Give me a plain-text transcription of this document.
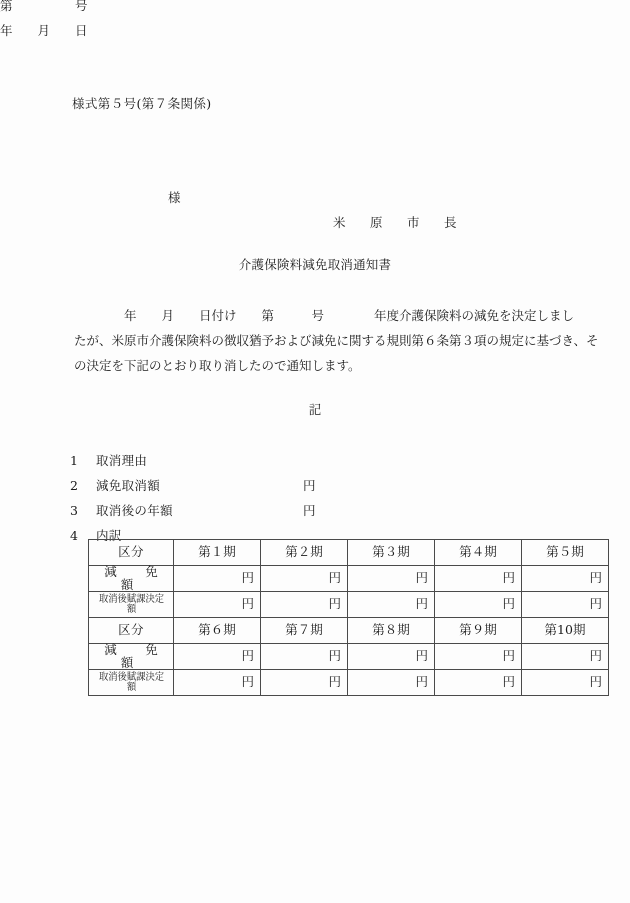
様式第５号(第７条関係)
第　　　　　号
年　　月　　日
様
米　原　市　長
介護保険料減免取消通知書
　　　　年　　月　　日付け　　第　　　号　　　　年度介護保険料の減免を決定しまし
たが、米原市介護保険料の徴収猶予および減免に関する規則第６条第３項の規定に基づき、そ
の決定を下記のとおり取り消したので通知します。
記
1 取消理由
2 減免取消額	円
3 取消後の年額	円
4 内訳
区分	第１期	第２期	第３期	第４期	第５期
減　免　額	円	円	円	円	円
取消後賦課決定額	円	円	円	円	円
区分	第６期	第７期	第８期	第９期	第10期
減　免　額	円	円	円	円	円
取消後賦課決定額	円	円	円	円	円
